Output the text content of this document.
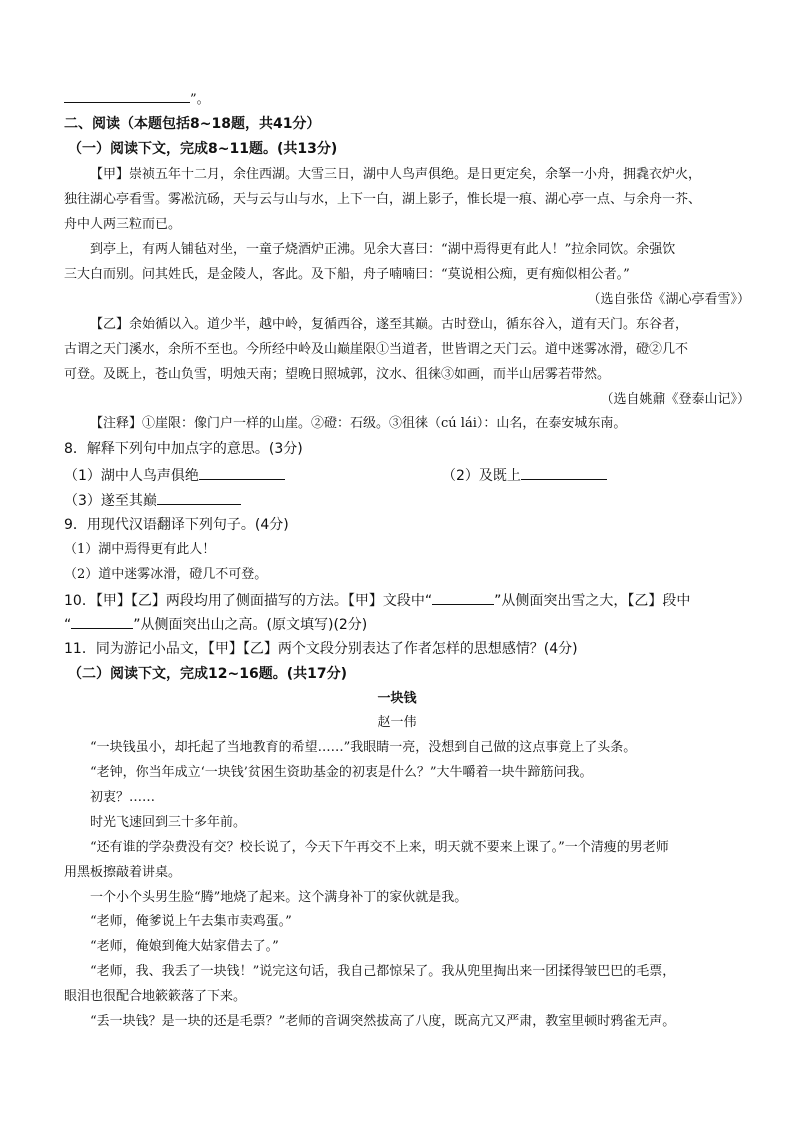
”。
二、阅读（本题包括8~18题，共41分）
（一）阅读下文，完成8~11题。(共13分)
【甲】崇祯五年十二月，余住西湖。大雪三日，湖中人鸟声俱绝。是日更定矣，余拏一小舟，拥毳衣炉火，
独往湖心亭看雪。雾凇沆砀，天与云与山与水，上下一白，湖上影子，惟长堤一痕、湖心亭一点、与余舟一芥、
舟中人两三粒而已。
到亭上，有两人铺毡对坐，一童子烧酒炉正沸。见余大喜曰：“湖中焉得更有此人！”拉余同饮。余强饮
三大白而别。问其姓氏，是金陵人，客此。及下船，舟子喃喃曰：“莫说相公痴，更有痴似相公者。”
（选自张岱《湖心亭看雪》）
【乙】余始循以入。道少半，越中岭，复循西谷，遂至其巅。古时登山，循东谷入，道有天门。东谷者，
古谓之天门溪水，余所不至也。今所经中岭及山巅崖限①当道者，世皆谓之天门云。道中迷雾冰滑，磴②几不
可登。及既上，苍山负雪，明烛天南；望晚日照城郭，汶水、徂徕③如画，而半山居雾若带然。
（选自姚鼐《登泰山记》）
【注释】①崖限：像门户一样的山崖。②磴：石级。③徂徕（cú lái）：山名，在泰安城东南。
8．解释下列句中加点字的意思。(3分)
（1）湖中人鸟声俱绝	（2）及既上
（3）遂至其巅
9．用现代汉语翻译下列句子。(4分)
（1）湖中焉得更有此人！
（2）道中迷雾冰滑，磴几不可登。
10．【甲】【乙】两段均用了侧面描写的方法。【甲】文段中“	”从侧面突出雪之大，【乙】段中
“	”从侧面突出山之高。(原文填写)(2分)
11．同为游记小品文，【甲】【乙】两个文段分别表达了作者怎样的思想感情？(4分)
（二）阅读下文，完成12~16题。(共17分)
一块钱
赵一伟
“一块钱虽小，却托起了当地教育的希望……”我眼睛一亮，没想到自己做的这点事竟上了头条。
“老钟，你当年成立‘一块钱’贫困生资助基金的初衷是什么？”大牛嚼着一块牛蹄筋问我。
初衷？……
时光飞速回到三十多年前。
“还有谁的学杂费没有交？校长说了，今天下午再交不上来，明天就不要来上课了。”一个清瘦的男老师
用黑板擦敲着讲桌。
一个小个头男生脸“腾”地烧了起来。这个满身补丁的家伙就是我。
“老师，俺爹说上午去集市卖鸡蛋。”
“老师，俺娘到俺大姑家借去了。”
“老师，我、我丢了一块钱！”说完这句话，我自己都惊呆了。我从兜里掏出来一团揉得皱巴巴的毛票，
眼泪也很配合地簌簌落了下来。
“丢一块钱？是一块的还是毛票？”老师的音调突然拔高了八度，既高亢又严肃，教室里顿时鸦雀无声。
